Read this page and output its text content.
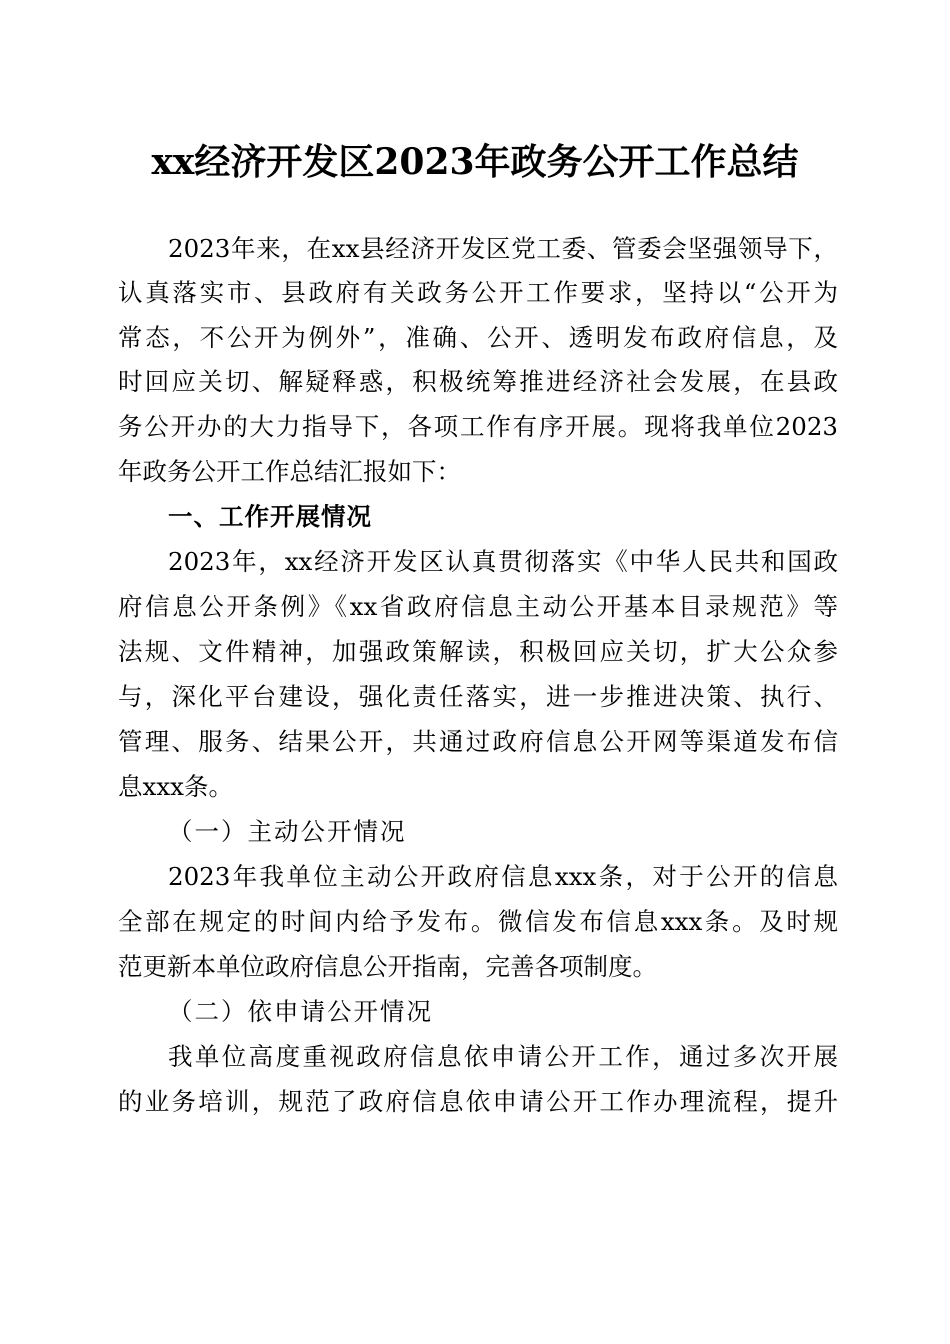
xx经济开发区2023年政务公开工作总结
2023年来，在xx县经济开发区党工委、管委会坚强领导下，
认真落实市、县政府有关政务公开工作要求，坚持以“公开为
常态，不公开为例外”，准确、公开、透明发布政府信息，及
时回应关切、解疑释惑，积极统筹推进经济社会发展，在县政
务公开办的大力指导下，各项工作有序开展。现将我单位2023
年政务公开工作总结汇报如下：
一、工作开展情况
2023年，xx经济开发区认真贯彻落实《中华人民共和国政
府信息公开条例》《xx省政府信息主动公开基本目录规范》等
法规、文件精神，加强政策解读，积极回应关切，扩大公众参
与，深化平台建设，强化责任落实，进一步推进决策、执行、
管理、服务、结果公开，共通过政府信息公开网等渠道发布信
息xxx条。
（一）主动公开情况
2023年我单位主动公开政府信息xxx条，对于公开的信息
全部在规定的时间内给予发布。微信发布信息xxx条。及时规
范更新本单位政府信息公开指南，完善各项制度。
（二）依申请公开情况
我单位高度重视政府信息依申请公开工作，通过多次开展
的业务培训，规范了政府信息依申请公开工作办理流程，提升
